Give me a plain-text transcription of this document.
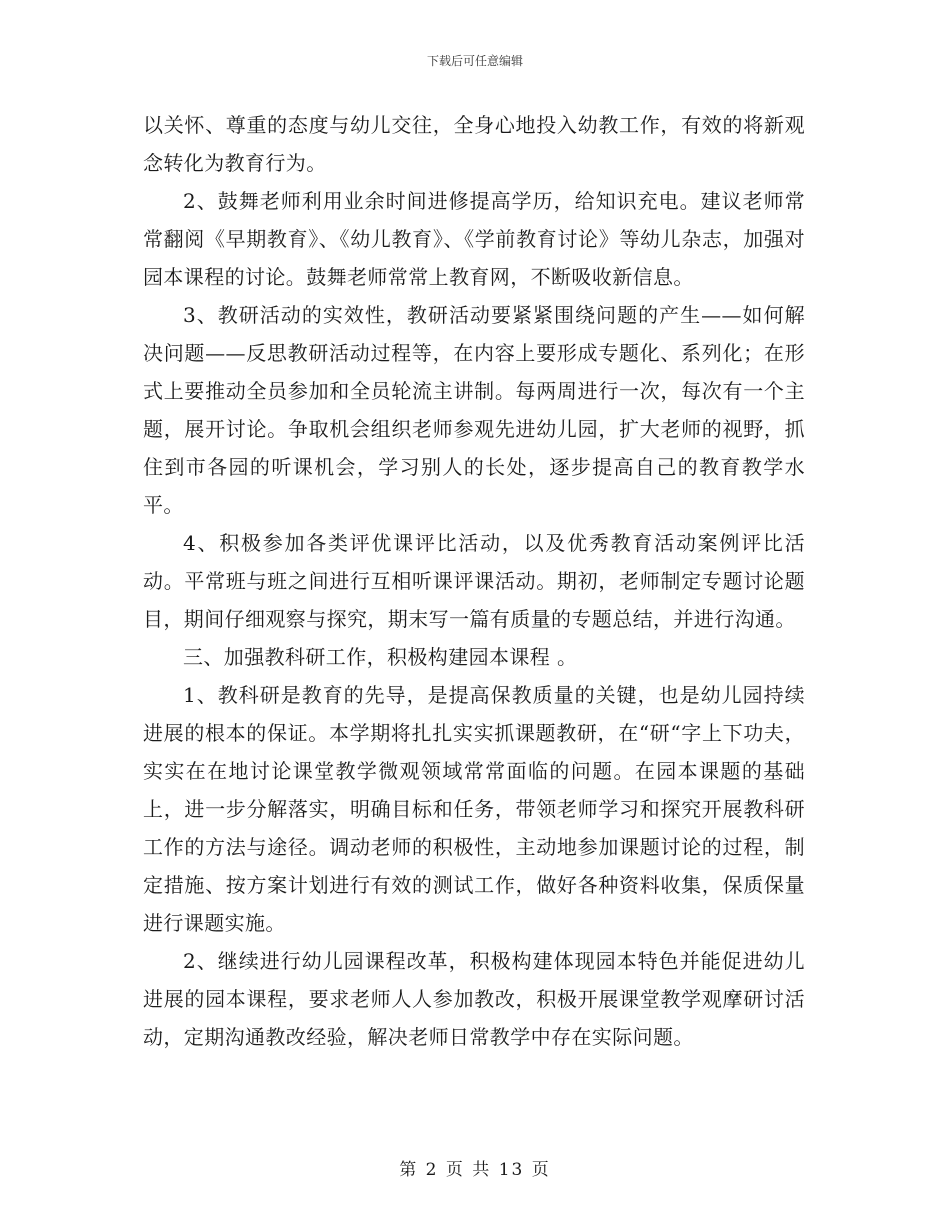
下载后可任意编辑

以关怀、尊重的态度与幼儿交往，全身心地投入幼教工作，有效的将新观念转化为教育行为。

2、鼓舞老师利用业余时间进修提高学历，给知识充电。建议老师常常翻阅《早期教育》、《幼儿教育》、《学前教育讨论》等幼儿杂志，加强对园本课程的讨论。鼓舞老师常常上教育网，不断吸收新信息。

3、教研活动的实效性，教研活动要紧紧围绕问题的产生——如何解决问题——反思教研活动过程等，在内容上要形成专题化、系列化；在形式上要推动全员参加和全员轮流主讲制。每两周进行一次，每次有一个主题，展开讨论。争取机会组织老师参观先进幼儿园，扩大老师的视野，抓住到市各园的听课机会，学习别人的长处，逐步提高自己的教育教学水平。

4、积极参加各类评优课评比活动，以及优秀教育活动案例评比活动。平常班与班之间进行互相听课评课活动。期初，老师制定专题讨论题目，期间仔细观察与探究，期末写一篇有质量的专题总结，并进行沟通。

三、加强教科研工作，积极构建园本课程 。

1、教科研是教育的先导，是提高保教质量的关键，也是幼儿园持续进展的根本的保证。本学期将扎扎实实抓课题教研，在“研“字上下功夫，实实在在地讨论课堂教学微观领域常常面临的问题。在园本课题的基础上，进一步分解落实，明确目标和任务，带领老师学习和探究开展教科研工作的方法与途径。调动老师的积极性，主动地参加课题讨论的过程，制定措施、按方案计划进行有效的测试工作，做好各种资料收集，保质保量进行课题实施。

2、继续进行幼儿园课程改革，积极构建体现园本特色并能促进幼儿进展的园本课程，要求老师人人参加教改，积极开展课堂教学观摩研讨活动，定期沟通教改经验，解决老师日常教学中存在实际问题。

第 2 页 共 13 页
